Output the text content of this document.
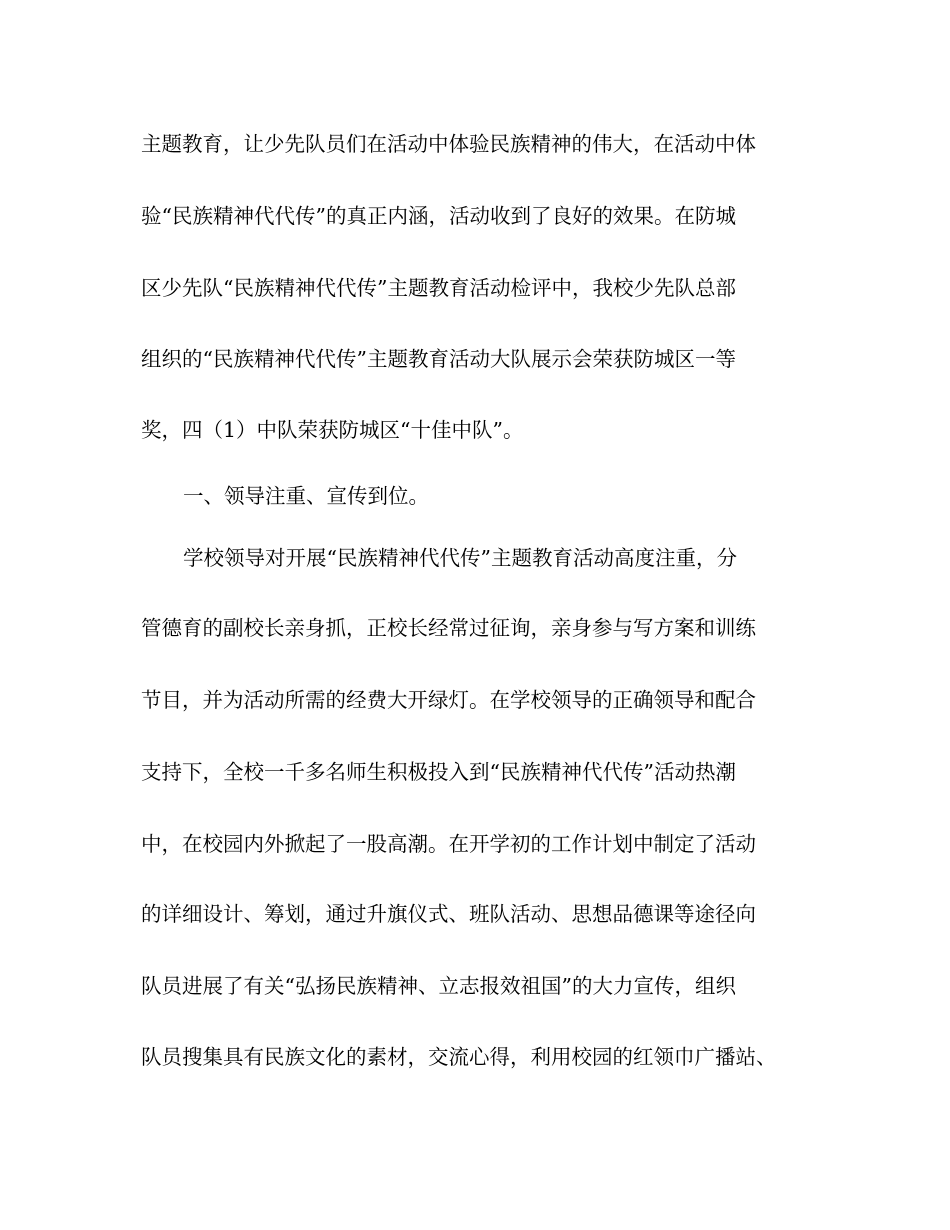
主题教育，让少先队员们在活动中体验民族精神的伟大，在活动中体
验“民族精神代代传”的真正内涵，活动收到了良好的效果。在防城
区少先队“民族精神代代传”主题教育活动检评中，我校少先队总部
组织的“民族精神代代传”主题教育活动大队展示会荣获防城区一等
奖，四（1）中队荣获防城区“十佳中队”。
一、领导注重、宣传到位。
学校领导对开展“民族精神代代传”主题教育活动高度注重，分
管德育的副校长亲身抓，正校长经常过征询，亲身参与写方案和训练
节目，并为活动所需的经费大开绿灯。在学校领导的正确领导和配合
支持下，全校一千多名师生积极投入到“民族精神代代传”活动热潮
中，在校园内外掀起了一股高潮。在开学初的工作计划中制定了活动
的详细设计、筹划，通过升旗仪式、班队活动、思想品德课等途径向
队员进展了有关“弘扬民族精神、立志报效祖国”的大力宣传，组织
队员搜集具有民族文化的素材，交流心得，利用校园的红领巾广播站、
